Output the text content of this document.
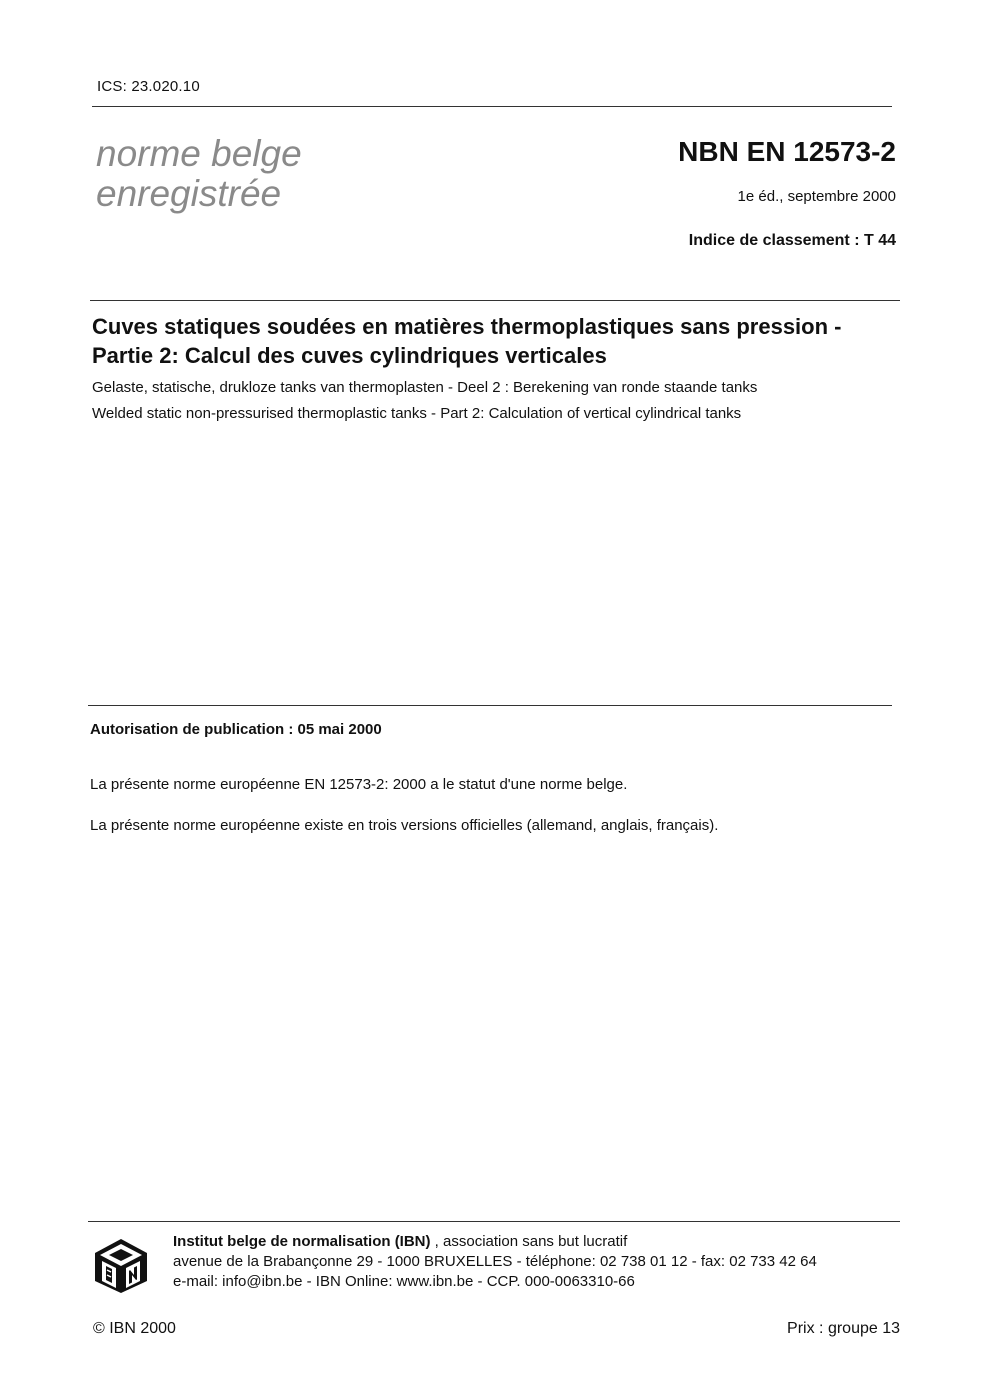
ICS: 23.020.10
norme belge
enregistrée
NBN EN 12573-2
1e éd., septembre 2000
Indice de classement : T 44
Cuves statiques soudées en matières thermoplastiques sans pression -
Partie 2: Calcul des cuves cylindriques verticales
Gelaste, statische, drukloze tanks van thermoplasten - Deel 2 : Berekening van ronde staande tanks
Welded static non-pressurised thermoplastic tanks - Part 2: Calculation of vertical cylindrical tanks
Autorisation de publication : 05 mai 2000
La présente norme européenne EN 12573-2: 2000 a le statut d'une norme belge.
La présente norme européenne existe en trois versions officielles (allemand, anglais, français).
Institut belge de normalisation (IBN) , association sans but lucratif
avenue de la Brabançonne 29 - 1000 BRUXELLES - téléphone: 02 738 01 12 - fax: 02 733 42 64
e-mail: info@ibn.be - IBN Online: www.ibn.be - CCP. 000-0063310-66
© IBN 2000	Prix : groupe 13
